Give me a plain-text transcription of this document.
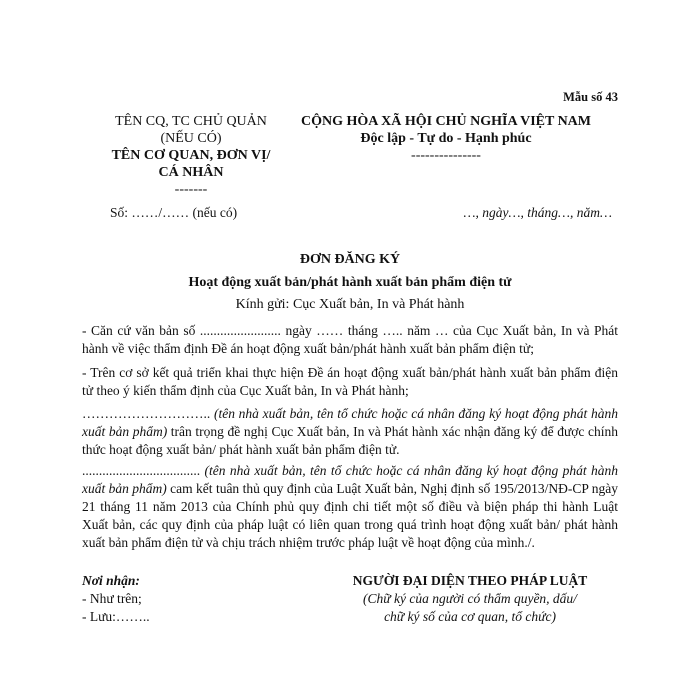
Mẫu số 43
TÊN CQ, TC CHỦ QUẢN
(NẾU CÓ)
TÊN CƠ QUAN, ĐƠN VỊ/
CÁ NHÂN
-------
CỘNG HÒA XÃ HỘI CHỦ NGHĨA VIỆT NAM
Độc lập - Tự do - Hạnh phúc
---------------
Số: ……/…… (nếu có)	…, ngày…, tháng…, năm…
ĐƠN ĐĂNG KÝ
Hoạt động xuất bản/phát hành xuất bản phẩm điện tử
Kính gửi: Cục Xuất bản, In và Phát hành
- Căn cứ văn bản số ........................ ngày …… tháng ….. năm … của Cục Xuất bản, In và Phát hành về việc thẩm định Đề án hoạt động xuất bản/phát hành xuất bản phẩm điện tử;
- Trên cơ sở kết quả triển khai thực hiện Đề án hoạt động xuất bản/phát hành xuất bản phẩm điện tử theo ý kiến thẩm định của Cục Xuất bản, In và Phát hành;
……………………….. (tên nhà xuất bản, tên tổ chức hoặc cá nhân đăng ký hoạt động phát hành xuất bản phẩm) trân trọng đề nghị Cục Xuất bản, In và Phát hành xác nhận đăng ký để được chính thức hoạt động xuất bản/ phát hành xuất bản phẩm điện tử.
................................... (tên nhà xuất bản, tên tổ chức hoặc cá nhân đăng ký hoạt động phát hành xuất bản phẩm) cam kết tuân thủ quy định của Luật Xuất bản, Nghị định số 195/2013/NĐ-CP ngày 21 tháng 11 năm 2013 của Chính phủ quy định chi tiết một số điều và biện pháp thi hành Luật Xuất bản, các quy định của pháp luật có liên quan trong quá trình hoạt động xuất bản/ phát hành xuất bản phẩm điện tử và chịu trách nhiệm trước pháp luật về hoạt động của mình./.
Nơi nhận:
- Như trên;
- Lưu:……..
NGƯỜI ĐẠI DIỆN THEO PHÁP LUẬT
(Chữ ký của người có thẩm quyền, dấu/
chữ ký số của cơ quan, tổ chức)
